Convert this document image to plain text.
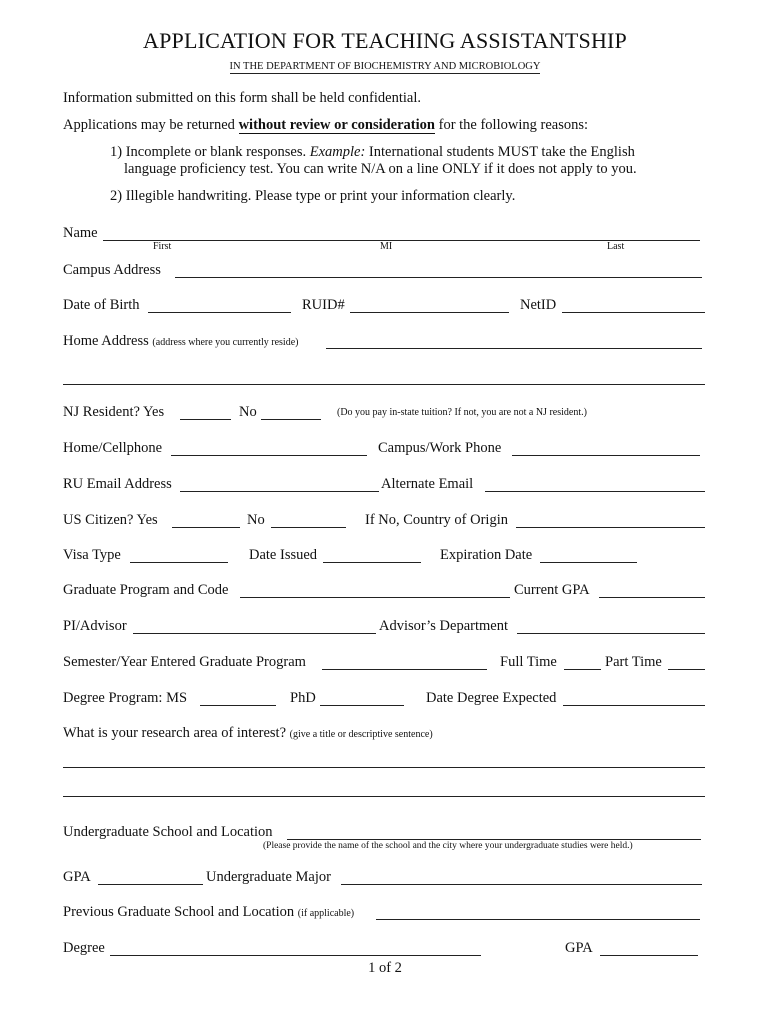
APPLICATION FOR TEACHING ASSISTANTSHIP
IN THE DEPARTMENT OF BIOCHEMISTRY AND MICROBIOLOGY
Information submitted on this form shall be held confidential.
Applications may be returned without review or consideration for the following reasons:
1) Incomplete or blank responses. Example: International students MUST take the English
language proficiency test. You can write N/A on a line ONLY if it does not apply to you.
2) Illegible handwriting. Please type or print your information clearly.
Name
First	MI	Last
Campus Address
Date of Birth	RUID#	NetID
Home Address (address where you currently reside)
NJ Resident? Yes	No	(Do you pay in-state tuition? If not, you are not a NJ resident.)
Home/Cellphone	Campus/Work Phone
RU Email Address	Alternate Email
US Citizen? Yes	No	If No, Country of Origin
Visa Type	Date Issued	Expiration Date
Graduate Program and Code	Current GPA
PI/Advisor	Advisor’s Department
Semester/Year Entered Graduate Program	Full Time	Part Time
Degree Program: MS	PhD	Date Degree Expected
What is your research area of interest? (give a title or descriptive sentence)
Undergraduate School and Location
(Please provide the name of the school and the city where your undergraduate studies were held.)
GPA	Undergraduate Major
Previous Graduate School and Location (if applicable)
Degree	GPA
1 of 2
